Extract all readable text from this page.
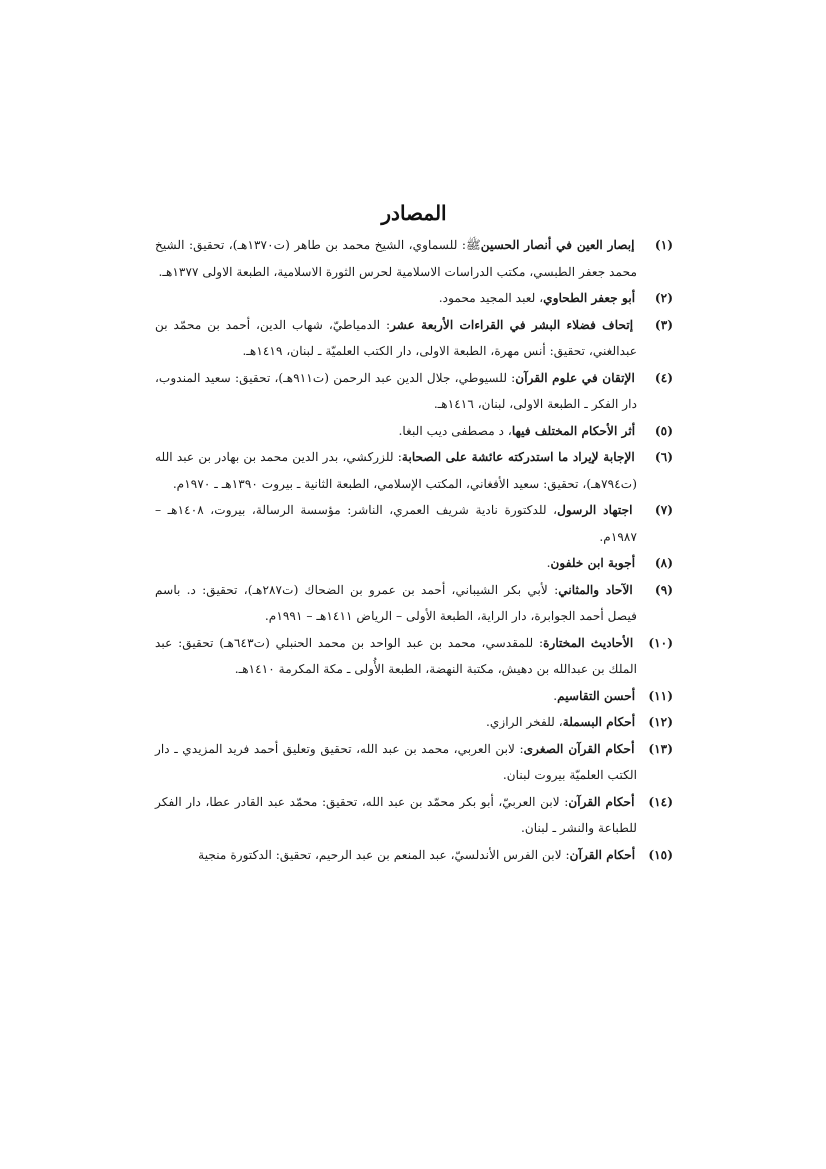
المصادر
(١) إبصار العين في أنصار الحسينﷺ: للسماوي، الشيخ محمد بن طاهر (ت١٣٧٠هـ)، تحقيق: الشيخ محمد جعفر الطبسي، مكتب الدراسات الاسلامية لحرس الثورة الاسلامية، الطبعة الاولى ١٣٧٧هـ.
(٢) أبو جعفر الطحاوي، لعبد المجيد محمود.
(٣) إتحاف فضلاء البشر في القراءات الأربعة عشر: الدمياطيّ، شهاب الدين، أحمد بن محمّد بن عبدالغني، تحقيق: أنس مهرة، الطبعة الاولى، دار الكتب العلميّة ـ لبنان، ١٤١٩هـ.
(٤) الإتقان في علوم القرآن: للسيوطي، جلال الدين عبد الرحمن (ت٩١١هـ)، تحقيق: سعيد المندوب، دار الفكر ـ الطبعة الاولى، لبنان، ١٤١٦هـ.
(٥) أثر الأحكام المختلف فيها، د مصطفى ديب البغا.
(٦) الإجابة لإيراد ما استدركته عائشة على الصحابة: للزركشي، بدر الدين محمد بن بهادر بن عبد الله (ت٧٩٤هـ)، تحقيق: سعيد الأفغاني، المكتب الإسلامي، الطبعة الثانية ـ بيروت ١٣٩٠هـ ـ ١٩٧٠م.
(٧) اجتهاد الرسول، للدكتورة نادية شريف العمري، الناشر: مؤسسة الرسالة، بيروت، ١٤٠٨هـ – ١٩٨٧م.
(٨) أجوبة ابن خلفون.
(٩) الآحاد والمثاني: لأبي بكر الشيباني، أحمد بن عمرو بن الضحاك (ت٢٨٧هـ)، تحقيق: د. باسم فيصل أحمد الجوابرة، دار الراية، الطبعة الأولى – الرياض ١٤١١هـ – ١٩٩١م.
(١٠) الأحاديث المختارة: للمقدسي، محمد بن عبد الواحد بن محمد الحنبلي (ت٦٤٣هـ) تحقيق: عبد الملك بن عبدالله بن دهيش، مكتبة النهضة، الطبعة الأُولى ـ مكة المكرمة ١٤١٠هـ.
(١١) أحسن التقاسيم.
(١٢) أحكام البسملة، للفخر الرازي.
(١٣) أحكام القرآن الصغرى: لابن العربي، محمد بن عبد الله، تحقيق وتعليق أحمد فريد المزيدي ـ دار الكتب العلميّة بيروت لبنان.
(١٤) أحكام القرآن: لابن العربيّ، أبو بكر محمّد بن عبد الله، تحقيق: محمّد عبد القادر عطا، دار الفكر للطباعة والنشر ـ لبنان.
(١٥) أحكام القرآن: لابن الفرس الأندلسيّ، عبد المنعم بن عبد الرحيم، تحقيق: الدكتورة منجية
